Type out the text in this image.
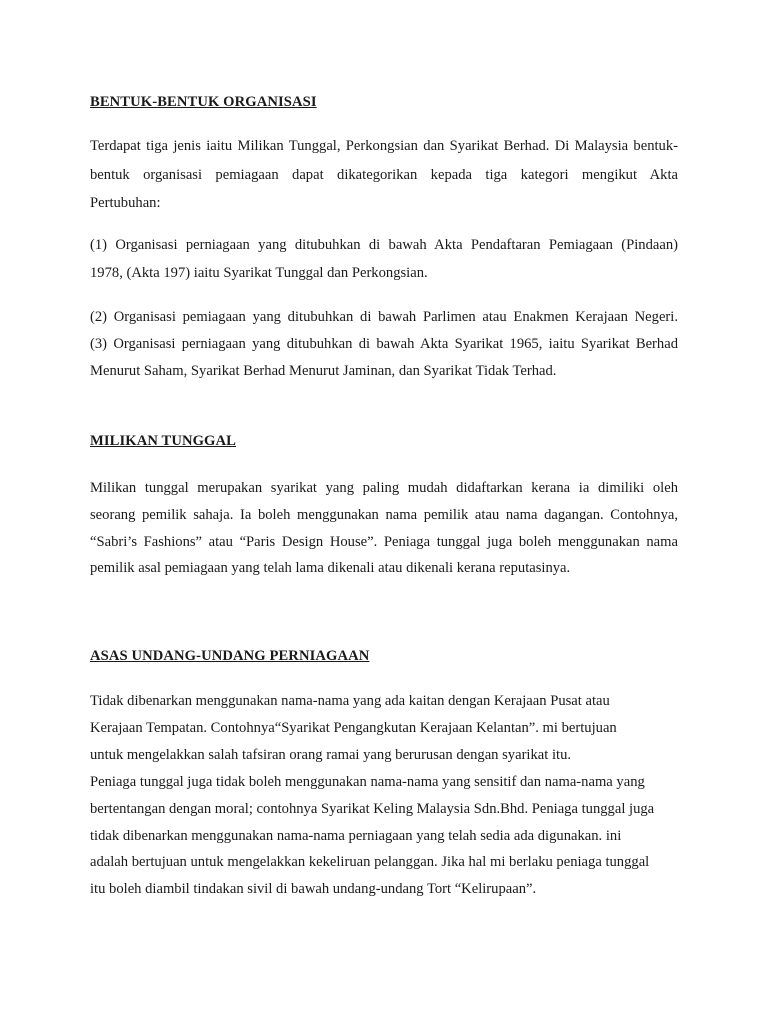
BENTUK-BENTUK ORGANISASI
Terdapat tiga jenis iaitu Milikan Tunggal, Perkongsian dan Syarikat Berhad. Di Malaysia bentuk-
bentuk organisasi pemiagaan dapat dikategorikan kepada tiga kategori mengikut Akta
Pertubuhan:
(1) Organisasi perniagaan yang ditubuhkan di bawah Akta Pendaftaran Pemiagaan (Pindaan)
1978, (Akta 197) iaitu Syarikat Tunggal dan Perkongsian.
(2) Organisasi pemiagaan yang ditubuhkan di bawah Parlimen atau Enakmen Kerajaan Negeri.
(3) Organisasi perniagaan yang ditubuhkan di bawah Akta Syarikat 1965, iaitu Syarikat Berhad
Menurut Saham, Syarikat Berhad Menurut Jaminan, dan Syarikat Tidak Terhad.
MILIKAN TUNGGAL
Milikan tunggal merupakan syarikat yang paling mudah didaftarkan kerana ia dimiliki oleh
seorang pemilik sahaja. Ia boleh menggunakan nama pemilik atau nama dagangan. Contohnya,
“Sabri’s Fashions” atau “Paris Design House”. Peniaga tunggal juga boleh menggunakan nama
pemilik asal pemiagaan yang telah lama dikenali atau dikenali kerana reputasinya.
ASAS UNDANG-UNDANG PERNIAGAAN
Tidak dibenarkan menggunakan nama-nama yang ada kaitan dengan Kerajaan Pusat atau
Kerajaan Tempatan. Contohnya“Syarikat Pengangkutan Kerajaan Kelantan”. mi bertujuan
untuk mengelakkan salah tafsiran orang ramai yang berurusan dengan syarikat itu.
Peniaga tunggal juga tidak boleh menggunakan nama-nama yang sensitif dan nama-nama yang
bertentangan dengan moral; contohnya Syarikat Keling Malaysia Sdn.Bhd. Peniaga tunggal juga
tidak dibenarkan menggunakan nama-nama perniagaan yang telah sedia ada digunakan. ini
adalah bertujuan untuk mengelakkan kekeliruan pelanggan. Jika hal mi berlaku peniaga tunggal
itu boleh diambil tindakan sivil di bawah undang-undang Tort “Kelirupaan”.
